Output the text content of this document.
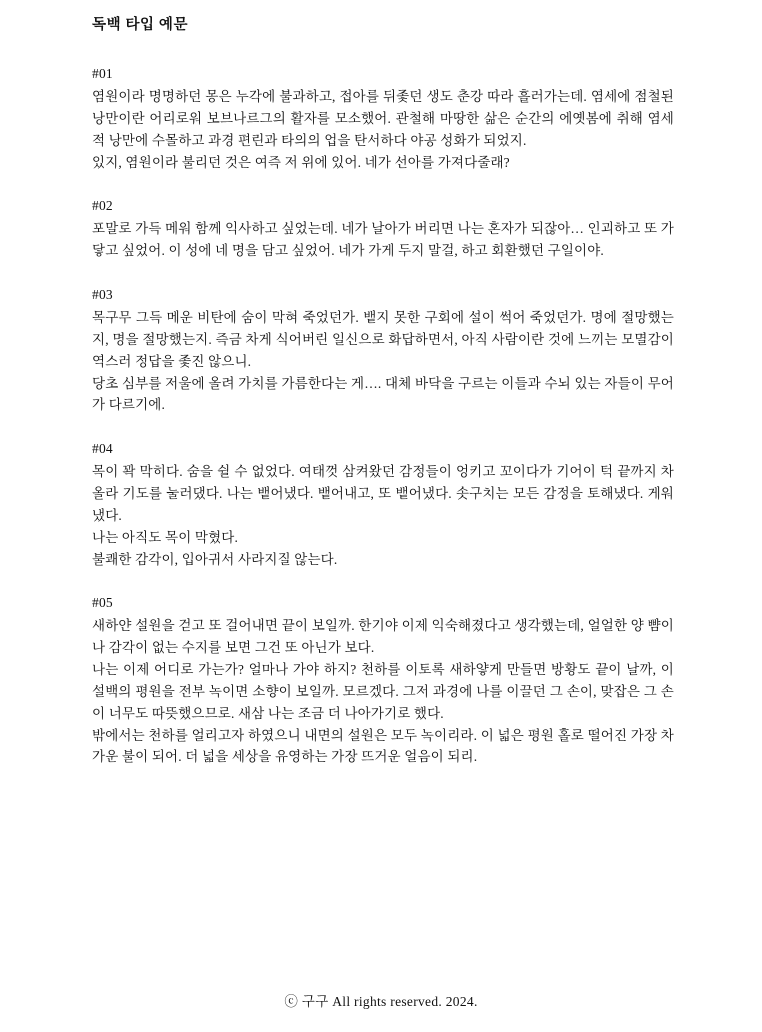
독백 타입 예문
#01

염원이라 명명하던 몽은 누각에 불과하고, 접아를 뒤좇던 생도 춘강 따라 흘러가는데. 염세에 점철된 낭만이란 어리로워 보브나르그의 활자를 모소했어. 관철해 마땅한 삶은 순간의 에옛봄에 취해 염세적 낭만에 수몰하고 과경 편린과 타의의 업을 탄서하다 야공 성화가 되었지.

있지, 염원이라 불리던 것은 여즉 저 위에 있어. 네가 선아를 가져다줄래?

#02

포말로 가득 메워 함께 익사하고 싶었는데. 네가 날아가 버리면 나는 혼자가 되잖아… 인괴하고 또 가닿고 싶었어. 이 성에 네 명을 담고 싶었어. 네가 가게 두지 말걸, 하고 회환했던 구일이야.

#03

목구무 그득 메운 비탄에 숨이 막혀 죽었던가. 뱉지 못한 구회에 설이 썩어 죽었던가. 명에 절망했는지, 명을 절망했는지. 즉금 차게 식어버린 일신으로 화답하면서, 아직 사람이란 것에 느끼는 모멸감이 역스러 정답을 좇진 않으니.

당초 심부를 저울에 올려 가치를 가름한다는 게…. 대체 바닥을 구르는 이들과 수뇌 있는 자들이 무어가 다르기에.

#04

목이 꽉 막히다. 숨을 쉴 수 없었다. 여태껏 삼켜왔던 감정들이 엉키고 꼬이다가 기어이 턱 끝까지 차올라 기도를 눌러댔다. 나는 뱉어냈다. 뱉어내고, 또 뱉어냈다. 솟구치는 모든 감정을 토해냈다. 게워 냈다.

나는 아직도 목이 막혔다.

불쾌한 감각이, 입아귀서 사라지질 않는다.

#05

새하얀 설원을 걷고 또 걸어내면 끝이 보일까. 한기야 이제 익숙해졌다고 생각했는데, 얼얼한 양 뺨이나 감각이 없는 수지를 보면 그건 또 아닌가 보다.

나는 이제 어디로 가는가? 얼마나 가야 하지? 천하를 이토록 새하얗게 만들면 방황도 끝이 날까, 이 설백의 평원을 전부 녹이면 소향이 보일까. 모르겠다. 그저 과경에 나를 이끌던 그 손이, 맞잡은 그 손이 너무도 따뜻했으므로. 새삼 나는 조금 더 나아가기로 했다.

밖에서는 천하를 얼리고자 하였으니 내면의 설원은 모두 녹이리라. 이 넓은 평원 홀로 떨어진 가장 차가운 불이 되어. 더 넓을 세상을 유영하는 가장 뜨거운 얼음이 되리.

ⓒ 구구 All rights reserved. 2024.
